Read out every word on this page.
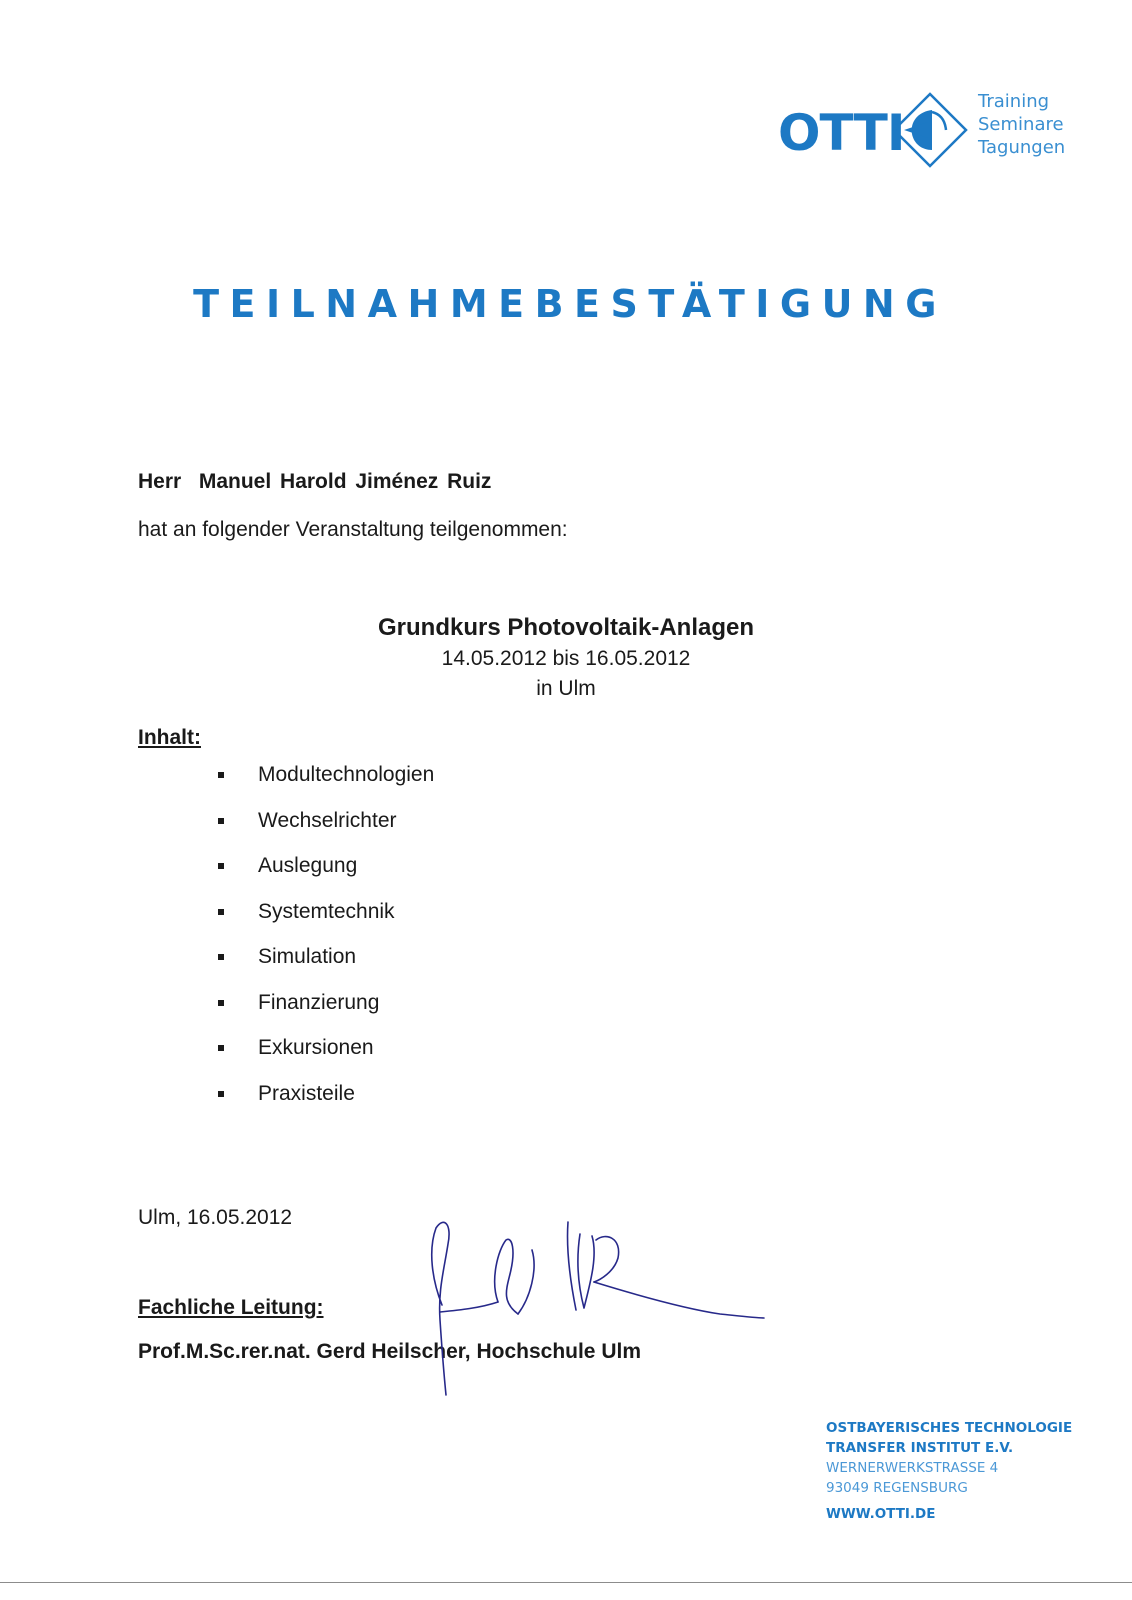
OTTI
Training
Seminare
Tagungen
TEILNAHMEBESTÄTIGUNG
Herr  Manuel Harold Jiménez Ruiz
hat an folgender Veranstaltung teilgenommen:
Grundkurs Photovoltaik-Anlagen
14.05.2012 bis 16.05.2012
in Ulm
Inhalt:
Modultechnologien
Wechselrichter
Auslegung
Systemtechnik
Simulation
Finanzierung
Exkursionen
Praxisteile
Ulm, 16.05.2012
Fachliche Leitung:
Prof.M.Sc.rer.nat. Gerd Heilscher, Hochschule Ulm
OSTBAYERISCHES TECHNOLOGIE
TRANSFER INSTITUT E.V.
WERNERWERKSTRASSE 4
93049 REGENSBURG
WWW.OTTI.DE
